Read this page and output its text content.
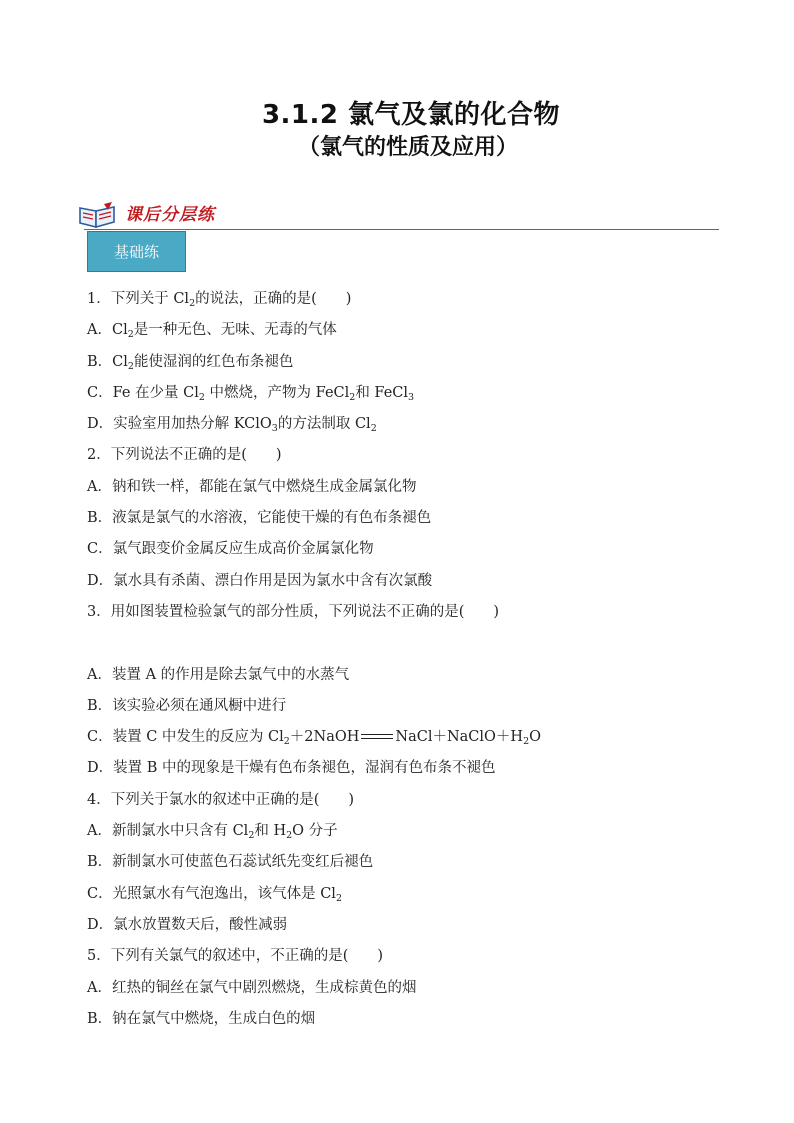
3.1.2 氯气及氯的化合物
（氯气的性质及应用）
课后分层练
基础练
1．下列关于 $Cl_2$的说法，正确的是(　　)
A．$Cl_2$是一种无色、无味、无毒的气体
B．$Cl_2$能使湿润的红色布条褪色
C．Fe 在少量 $Cl_2$ 中燃烧，产物为 FeCl$_2$和 FeCl$_3$
D．实验室用加热分解 KClO$_3$的方法制取 $Cl_2$
2．下列说法不正确的是(　　)
A．钠和铁一样，都能在氯气中燃烧生成金属氯化物
B．液氯是氯气的水溶液，它能使干燥的有色布条褪色
C．氯气跟变价金属反应生成高价金属氯化物
D．氯水具有杀菌、漂白作用是因为氯水中含有次氯酸
3．用如图装置检验氯气的部分性质，下列说法不正确的是(　　)
A．装置 A 的作用是除去氯气中的水蒸气
B．该实验必须在通风橱中进行
C．装置 C 中发生的反应为 $Cl_2+2NaOH$ $NaCl+NaClO+H_2O$
D．装置 B 中的现象是干燥有色布条褪色，湿润有色布条不褪色
4．下列关于氯水的叙述中正确的是(　　)
A．新制氯水中只含有 $Cl_2$和 $H_2O$ 分子
B．新制氯水可使蓝色石蕊试纸先变红后褪色
C．光照氯水有气泡逸出，该气体是 $Cl_2$
D．氯水放置数天后，酸性减弱
5．下列有关氯气的叙述中，不正确的是(　　)
A．红热的铜丝在氯气中剧烈燃烧，生成棕黄色的烟
B．钠在氯气中燃烧，生成白色的烟
